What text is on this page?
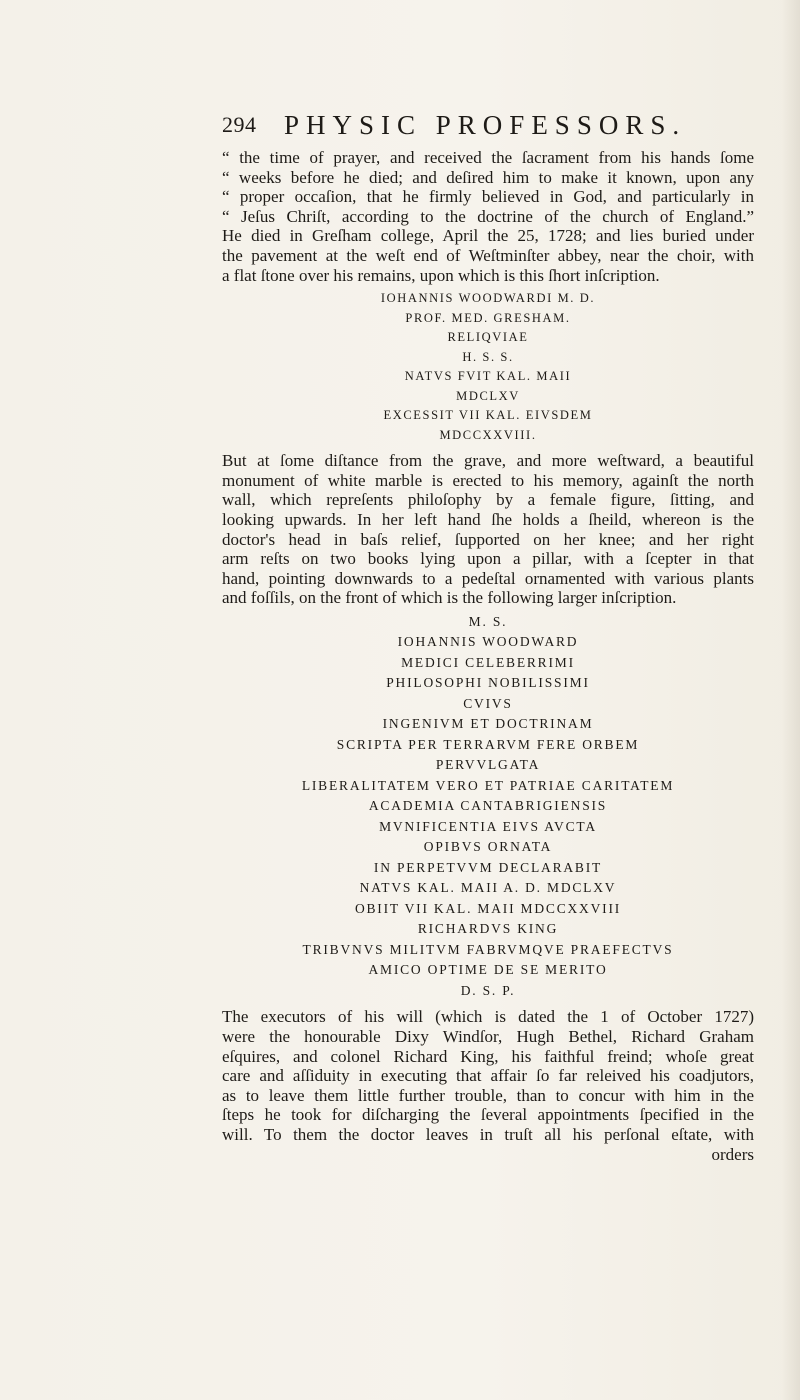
294 PHYSIC PROFESSORS.

“ the time of prayer, and received the ſacrament from his hands ſome
“ weeks before he died; and deſired him to make it known, upon any
“ proper occaſion, that he firmly believed in God, and particularly in
“ Jeſus Chriſt, according to the doctrine of the church of England.”
He died in Greſham college, April the 25, 1728; and lies buried under
the pavement at the weſt end of Weſtminſter abbey, near the choir, with
a flat ſtone over his remains, upon which is this ſhort inſcription.

IOHANNIS WOODWARDI M. D.
PROF. MED. GRESHAM.
RELIQVIAE
H. S. S.
NATVS FVIT KAL. MAII
MDCLXV
EXCESSIT VII KAL. EIVSDEM
MDCCXXVIII.

But at ſome diſtance from the grave, and more weſtward, a beautiful
monument of white marble is erected to his memory, againſt the north
wall, which repreſents philoſophy by a female figure, ſitting, and
looking upwards. In her left hand ſhe holds a ſheild, whereon is the
doctor's head in baſs relief, ſupported on her knee; and her right
arm reſts on two books lying upon a pillar, with a ſcepter in that
hand, pointing downwards to a pedeſtal ornamented with various plants
and foſſils, on the front of which is the following larger inſcription.

M. S.
IOHANNIS WOODWARD
MEDICI CELEBERRIMI
PHILOSOPHI NOBILISSIMI
CVIVS
INGENIVM ET DOCTRINAM
SCRIPTA PER TERRARVM FERE ORBEM
PERVVLGATA
LIBERALITATEM VERO ET PATRIAE CARITATEM
ACADEMIA CANTABRIGIENSIS
MVNIFICENTIA EIVS AVCTA
OPIBVS ORNATA
IN PERPETVVM DECLARABIT
NATVS KAL. MAII A. D. MDCLXV
OBIIT VII KAL. MAII MDCCXXVIII
RICHARDVS KING
TRIBVNVS MILITVM FABRVMQVE PRAEFECTVS
AMICO OPTIME DE SE MERITO
D. S. P.

The executors of his will (which is dated the 1 of October 1727)
were the honourable Dixy Windſor, Hugh Bethel, Richard Graham
eſquires, and colonel Richard King, his faithful freind; whoſe great
care and aſſiduity in executing that affair ſo far releived his coadjutors,
as to leave them little further trouble, than to concur with him in the
ſteps he took for diſcharging the ſeveral appointments ſpecified in the
will. To them the doctor leaves in truſt all his perſonal eſtate, with

orders
